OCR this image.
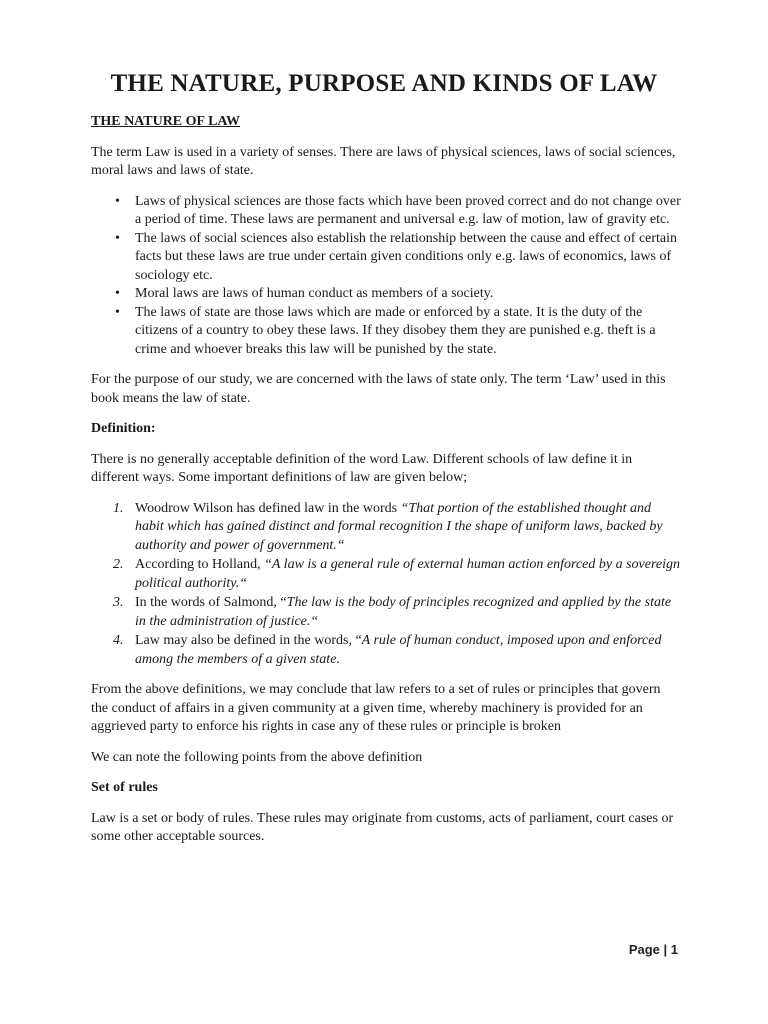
THE NATURE, PURPOSE AND KINDS OF LAW
THE NATURE OF LAW

The term Law is used in a variety of senses. There are laws of physical sciences, laws of social sciences, moral laws and laws of state.

• Laws of physical sciences are those facts which have been proved correct and do not change over a period of time. These laws are permanent and universal e.g. law of motion, law of gravity etc.
• The laws of social sciences also establish the relationship between the cause and effect of certain facts but these laws are true under certain given conditions only e.g. laws of economics, laws of sociology etc.
• Moral laws are laws of human conduct as members of a society.
• The laws of state are those laws which are made or enforced by a state. It is the duty of the citizens of a country to obey these laws. If they disobey them they are punished e.g. theft is a crime and whoever breaks this law will be punished by the state.

For the purpose of our study, we are concerned with the laws of state only. The term ‘Law’ used in this book means the law of state.

Definition:

There is no generally acceptable definition of the word Law. Different schools of law define it in different ways. Some important definitions of law are given below;

1. Woodrow Wilson has defined law in the words “That portion of the established thought and habit which has gained distinct and formal recognition I the shape of uniform laws, backed by authority and power of government.“
2. According to Holland, “A law is a general rule of external human action enforced by a sovereign political authority.“
3. In the words of Salmond, “The law is the body of principles recognized and applied by the state in the administration of justice.“
4. Law may also be defined in the words, “A rule of human conduct, imposed upon and enforced among the members of a given state.

From the above definitions, we may conclude that law refers to a set of rules or principles that govern the conduct of affairs in a given community at a given time, whereby machinery is provided for an aggrieved party to enforce his rights in case any of these rules or principle is broken

We can note the following points from the above definition

Set of rules

Law is a set or body of rules. These rules may originate from customs, acts of parliament, court cases or some other acceptable sources.

Page | 1
